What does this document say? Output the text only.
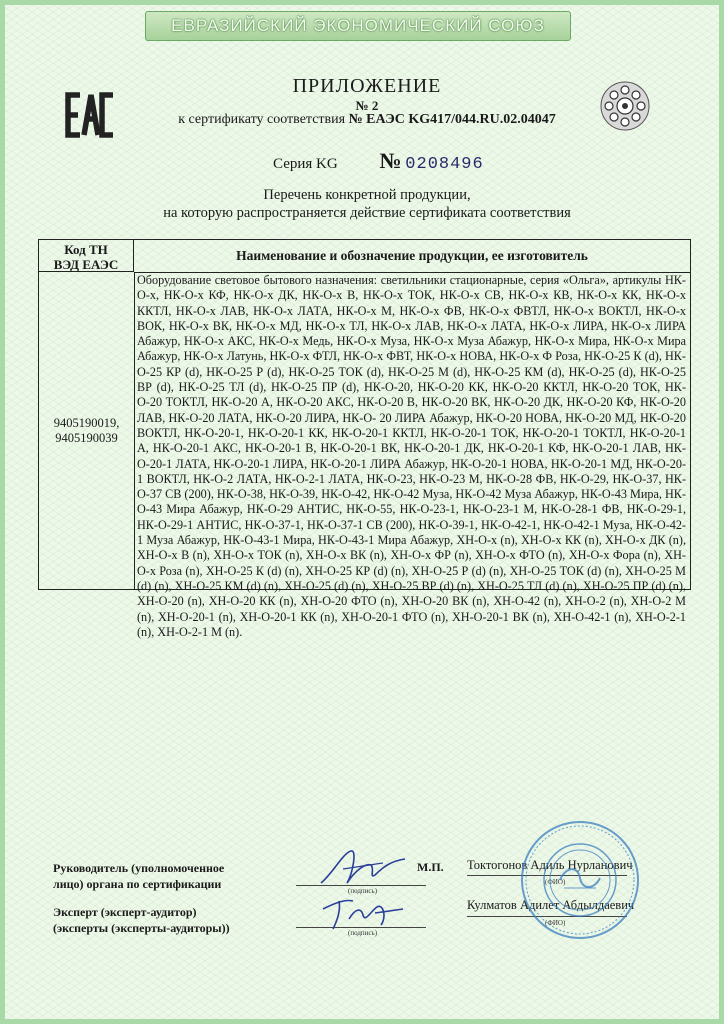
ЕВРАЗИЙСКИЙ ЭКОНОМИЧЕСКИЙ СОЮЗ
ПРИЛОЖЕНИЕ
№ 2
к сертификату соответствия № ЕАЭС KG417/044.RU.02.04047
Серия KG № 0208496
Перечень конкретной продукции,
на которую распространяется действие сертификата соответствия
Код ТН
ВЭД ЕАЭС
Наименование и обозначение продукции, ее изготовитель
9405190019,
9405190039
Оборудование световое бытового назначения: светильники стационарные, серия «Ольга», артикулы НК-О-х, НК-О-х КФ, НК-О-х ДК, НК-О-х В, НК-О-х ТОК, НК-О-х СВ, НК-О-х КВ, НК-О-х КК, НК-О-х ККТЛ, НК-О-х ЛАВ, НК-О-х ЛАТА, НК-О-х М, НК-О-х ФВ, НК-О-х ФВТЛ, НК-О-х ВОКТЛ, НК-О-х ВОК, НК-О-х ВК, НК-О-х МД, НК-О-х ТЛ, НК-О-х ЛАВ, НК-О-х ЛАТА, НК-О-х ЛИРА, НК-О-х ЛИРА Абажур, НК-О-х АКС, НК-О-х Медь, НК-О-х Муза, НК-О-х Муза Абажур, НК-О-х Мира, НК-О-х Мира Абажур, НК-О-х Латунь, НК-О-х ФТЛ, НК-О-х ФВТ, НК-О-х НОВА, НК-О-х Ф Роза, НК-О-25 К (d), НК-О-25 КР (d), НК-О-25 Р (d), НК-О-25 ТОК (d), НК-О-25 М (d), НК-О-25 КМ (d), НК-О-25 (d), НК-О-25 ВР (d), НК-О-25 ТЛ (d), НК-О-25 ПР (d), НК-О-20, НК-О-20 КК, НК-О-20 ККТЛ, НК-О-20 ТОК, НК-О-20 ТОКТЛ, НК-О-20 А, НК-О-20 АКС, НК-О-20 В, НК-О-20 ВК, НК-О-20 ДК, НК-О-20 КФ, НК-О-20 ЛАВ, НК-О-20 ЛАТА, НК-О-20 ЛИРА, НК-О- 20 ЛИРА Абажур, НК-О-20 НОВА, НК-О-20 МД, НК-О-20 ВОКТЛ, НК-О-20-1, НК-О-20-1 КК, НК-О-20-1 ККТЛ, НК-О-20-1 ТОК, НК-О-20-1 ТОКТЛ, НК-О-20-1 А, НК-О-20-1 АКС, НК-О-20-1 В, НК-О-20-1 ВК, НК-О-20-1 ДК, НК-О-20-1 КФ, НК-О-20-1 ЛАВ, НК-О-20-1 ЛАТА, НК-О-20-1 ЛИРА, НК-О-20-1 ЛИРА Абажур, НК-О-20-1 НОВА, НК-О-20-1 МД, НК-О-20-1 ВОКТЛ, НК-О-2 ЛАТА, НК-О-2-1 ЛАТА, НК-О-23, НК-О-23 М, НК-О-28 ФВ, НК-О-29, НК-О-37, НК-О-37 СВ (200), НК-О-38, НК-О-39, НК-О-42, НК-О-42 Муза, НК-О-42 Муза Абажур, НК-О-43 Мира, НК-О-43 Мира Абажур, НК-О-29 АНТИС, НК-О-55, НК-О-23-1, НК-О-23-1 М, НК-О-28-1 ФВ, НК-О-29-1, НК-О-29-1 АНТИС, НК-О-37-1, НК-О-37-1 СВ (200), НК-О-39-1, НК-О-42-1, НК-О-42-1 Муза, НК-О-42-1 Муза Абажур, НК-О-43-1 Мира, НК-О-43-1 Мира Абажур, ХН-О-х (n), ХН-О-х КК (n), ХН-О-х ДК (n), ХН-О-х В (n), ХН-О-х ТОК (n), ХН-О-х ВК (n), ХН-О-х ФР (n), ХН-О-х ФТО (n), ХН-О-х Фора (n), ХН-О-х Роза (n), ХН-О-25 К (d) (n), ХН-О-25 КР (d) (n), ХН-О-25 Р (d) (n), ХН-О-25 ТОК (d) (n), ХН-О-25 М (d) (n), ХН-О-25 КМ (d) (n), ХН-О-25 (d) (n), ХН-О-25 ВР (d) (n), ХН-О-25 ТЛ (d) (n), ХН-О-25 ПР (d) (n), ХН-О-20 (n), ХН-О-20 КК (n), ХН-О-20 ФТО (n), ХН-О-20 ВК (n), ХН-О-42 (n), ХН-О-2 (n), ХН-О-2 М (n), ХН-О-20-1 (n), ХН-О-20-1 КК (n), ХН-О-20-1 ФТО (n), ХН-О-20-1 ВК (n), ХН-О-42-1 (n), ХН-О-2-1 (n), ХН-О-2-1 М (n).
Руководитель (уполномоченное
лицо) органа по сертификации
Эксперт (эксперт-аудитор)
(эксперты (эксперты-аудиторы))
М.П.
(подпись)
(подпись)
Токтогонов Адиль Нурланович
(ФИО)
Кулматов Адилет Абдылдаевич
(ФИО)
